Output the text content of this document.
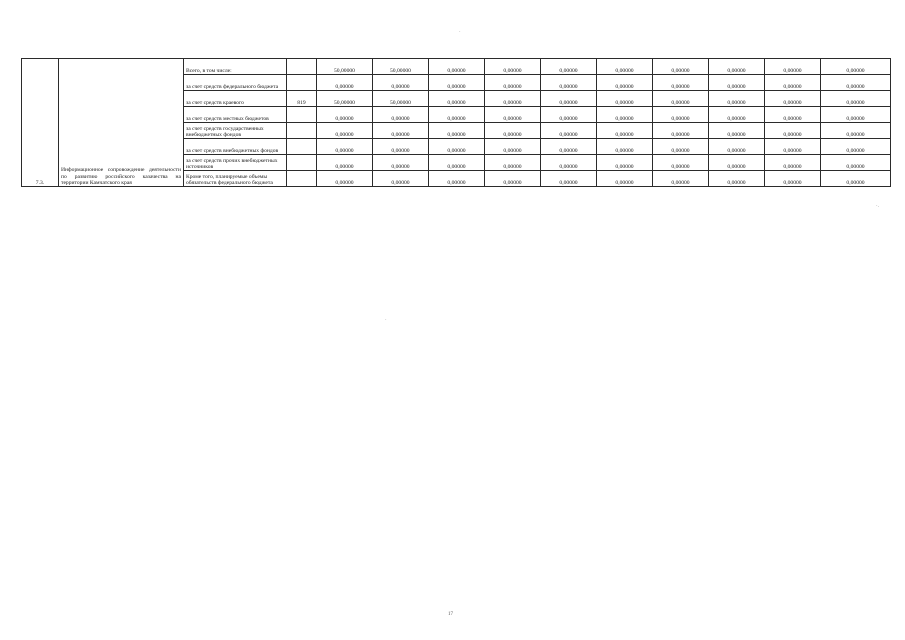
7.3.	Информационное сопровождение деятельности по развитию российского казачества на территории Камчатского края	Всего, в том числе:		50,00000	50,00000	0,00000	0,00000	0,00000	0,00000	0,00000	0,00000	0,00000	0,00000
		за счет средств федерального бюджета		0,00000	0,00000	0,00000	0,00000	0,00000	0,00000	0,00000	0,00000	0,00000	0,00000
		за счет средств краевого	819	50,00000	50,00000	0,00000	0,00000	0,00000	0,00000	0,00000	0,00000	0,00000	0,00000
		за счет средств местных бюджетов		0,00000	0,00000	0,00000	0,00000	0,00000	0,00000	0,00000	0,00000	0,00000	0,00000
		за счет средств государственных внебюджетных фондов		0,00000	0,00000	0,00000	0,00000	0,00000	0,00000	0,00000	0,00000	0,00000	0,00000
		за счет средств внебюджетных фондов		0,00000	0,00000	0,00000	0,00000	0,00000	0,00000	0,00000	0,00000	0,00000	0,00000
		за счет средств прочих внебюджетных источников		0,00000	0,00000	0,00000	0,00000	0,00000	0,00000	0,00000	0,00000	0,00000	0,00000
		Кроме того, планируемые объемы обязательств федерального бюджета		0,00000	0,00000	0,00000	0,00000	0,00000	0,00000	0,00000	0,00000	0,00000	0,00000
17
·
·.
·
